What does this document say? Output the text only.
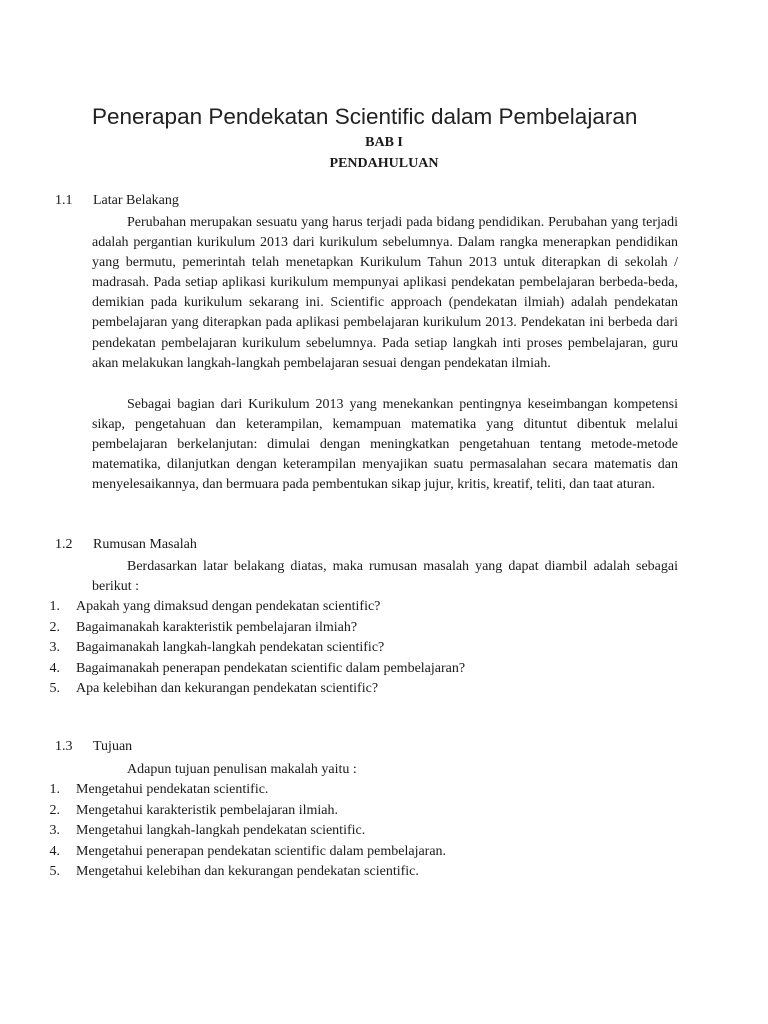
Penerapan Pendekatan Scientific dalam Pembelajaran

BAB I

PENDAHULUAN

1.1 Latar Belakang

Perubahan merupakan sesuatu yang harus terjadi pada bidang pendidikan. Perubahan yang terjadi adalah pergantian kurikulum 2013 dari kurikulum sebelumnya. Dalam rangka menerapkan pendidikan yang bermutu, pemerintah telah menetapkan Kurikulum Tahun 2013 untuk diterapkan di sekolah / madrasah. Pada setiap aplikasi kurikulum mempunyai aplikasi pendekatan pembelajaran berbeda-beda, demikian pada kurikulum sekarang ini. Scientific approach (pendekatan ilmiah) adalah pendekatan pembelajaran yang diterapkan pada aplikasi pembelajaran kurikulum 2013. Pendekatan ini berbeda dari pendekatan pembelajaran kurikulum sebelumnya. Pada setiap langkah inti proses pembelajaran, guru akan melakukan langkah-langkah pembelajaran sesuai dengan pendekatan ilmiah.

Sebagai bagian dari Kurikulum 2013 yang menekankan pentingnya keseimbangan kompetensi sikap, pengetahuan dan keterampilan, kemampuan matematika yang dituntut dibentuk melalui pembelajaran berkelanjutan: dimulai dengan meningkatkan pengetahuan tentang metode-metode matematika, dilanjutkan dengan keterampilan menyajikan suatu permasalahan secara matematis dan menyelesaikannya, dan bermuara pada pembentukan sikap jujur, kritis, kreatif, teliti, dan taat aturan.

1.2 Rumusan Masalah

Berdasarkan latar belakang diatas, maka rumusan masalah yang dapat diambil adalah sebagai berikut :

1.	Apakah yang dimaksud dengan pendekatan scientific?
2.	Bagaimanakah karakteristik pembelajaran ilmiah?
3.	Bagaimanakah langkah-langkah pendekatan scientific?
4.	Bagaimanakah penerapan pendekatan scientific dalam pembelajaran?
5.	Apa kelebihan dan kekurangan pendekatan scientific?
1.3 Tujuan

Adapun tujuan penulisan makalah yaitu :

1.	Mengetahui pendekatan scientific.
2.	Mengetahui karakteristik pembelajaran ilmiah.
3.	Mengetahui langkah-langkah pendekatan scientific.
4.	Mengetahui penerapan pendekatan scientific dalam pembelajaran.
5.	Mengetahui kelebihan dan kekurangan pendekatan scientific.
